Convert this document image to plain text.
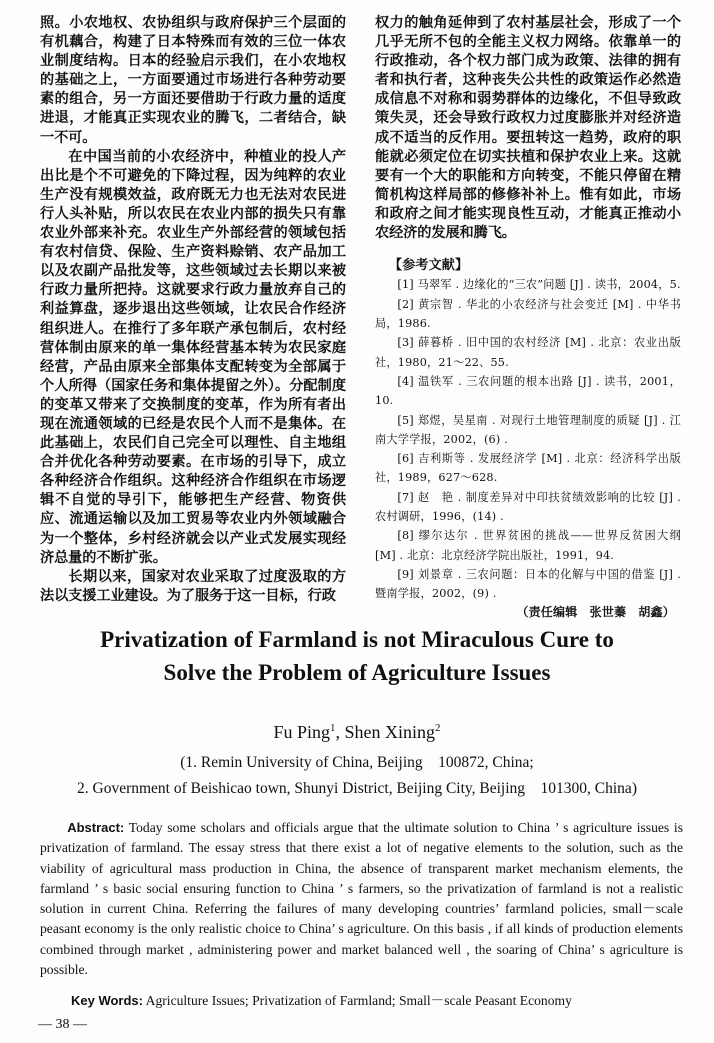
照。小农地权、农协组织与政府保护三个层面的有机藕合，构建了日本特殊而有效的三位一体农业制度结构。日本的经验启示我们，在小农地权的基础之上，一方面要通过市场进行各种劳动要素的组合，另一方面还要借助于行政力量的适度进退，才能真正实现农业的腾飞，二者结合，缺一不可。

在中国当前的小农经济中，种植业的投人产出比是个不可避免的下降过程，因为纯粹的农业生产没有规模效益，政府既无力也无法对农民进行人头补贴，所以农民在农业内部的损失只有靠农业外部来补充。农业生产外部经营的领域包括有农村信贷、保险、生产资料赊销、农产品加工以及农副产品批发等，这些领域过去长期以来被行政力量所把持。这就要求行政力量放弃自己的利益算盘，逐步退出这些领域，让农民合作经济组织进人。在推行了多年联产承包制后，农村经营体制由原来的单一集体经营基本转为农民家庭经营，产品由原来全部集体支配转变为全部属于个人所得（国家任务和集体提留之外）。分配制度的变革又带来了交换制度的变革，作为所有者出现在流通领域的已经是农民个人而不是集体。在此基础上，农民们自己完全可以理性、自主地组合并优化各种劳动要素。在市场的引导下，成立各种经济合作组织。这种经济合作组织在市场逻辑不自觉的导引下，能够把生产经营、物资供应、流通运输以及加工贸易等农业内外领域融合为一个整体，乡村经济就会以产业式发展实现经济总量的不断扩张。

长期以来，国家对农业采取了过度汲取的方法以支援工业建设。为了服务于这一目标，行政

权力的触角延伸到了农村基层社会，形成了一个几乎无所不包的全能主义权力网络。依靠单一的行政推动，各个权力部门成为政策、法律的拥有者和执行者，这种丧失公共性的政策运作必然造成信息不对称和弱势群体的边缘化，不但导致政策失灵，还会导致行政权力过度膨胀并对经济造成不适当的反作用。要扭转这一趋势，政府的职能就必须定位在切实扶植和保护农业上来。这就要有一个大的职能和方向转变，不能只停留在精简机构这样局部的修修补补上。惟有如此，市场和政府之间才能实现良性互动，才能真正推动小农经济的发展和腾飞。

【参考文献】
[1] 马翠军 . 边缘化的“三农”问题 [J] . 读书，2004，5.
[2] 黄宗智 . 华北的小农经济与社会变迁 [M] . 中华书局，1986.
[3] 薛暮桥 . 旧中国的农村经济 [M] . 北京：农业出版社，1980，21～22、55.
[4] 温铁军 . 三农问题的根本出路 [J] . 读书，2001，10.
[5] 郑煜，吴星南 . 对现行土地管理制度的质疑 [J] . 江南大学学报，2002，(6) .
[6] 吉利斯等 . 发展经济学 [M] . 北京：经济科学出版社，1989，627～628.
[7] 赵　艳 . 制度差异对中印扶贫绩效影响的比较 [J] . 农村调研，1996，(14) .
[8] 缪尔达尔 . 世界贫困的挑战——世界反贫困大纲 [M] . 北京：北京经济学院出版社，1991，94.
[9] 刘景章 . 三农问题：日本的化解与中国的借鉴 [J] . 暨南学报，2002，(9) .
（责任编辑　张世蓁　胡鑫）
Privatization of Farmland is not Miraculous Cure to
Solve the Problem of Agriculture Issues
Fu Ping$^1$, Shen Xining$^2$
(1. Remin University of China, Beijing　100872, China;
2. Government of Beishicao town, Shunyi District, Beijing City, Beijing　101300, China)

Abstract: Today some scholars and officials argue that the ultimate solution to China ’ s agriculture issues is privatization of farmland. The essay stress that there exist a lot of negative elements to the solution, such as the viability of agricultural mass production in China, the absence of transparent market mechanism elements, the farmland ’ s basic social ensuring function to China ’ s farmers, so the privatization of farmland is not a realistic solution in current China. Referring the failures of many developing countries’ farmland policies, small－scale peasant economy is the only realistic choice to China’ s agriculture. On this basis , if all kinds of production elements combined through market , administering power and market balanced well , the soaring of China’ s agriculture is possible.

Key Words: Agriculture Issues; Privatization of Farmland; Small－scale Peasant Economy
— 38 —
